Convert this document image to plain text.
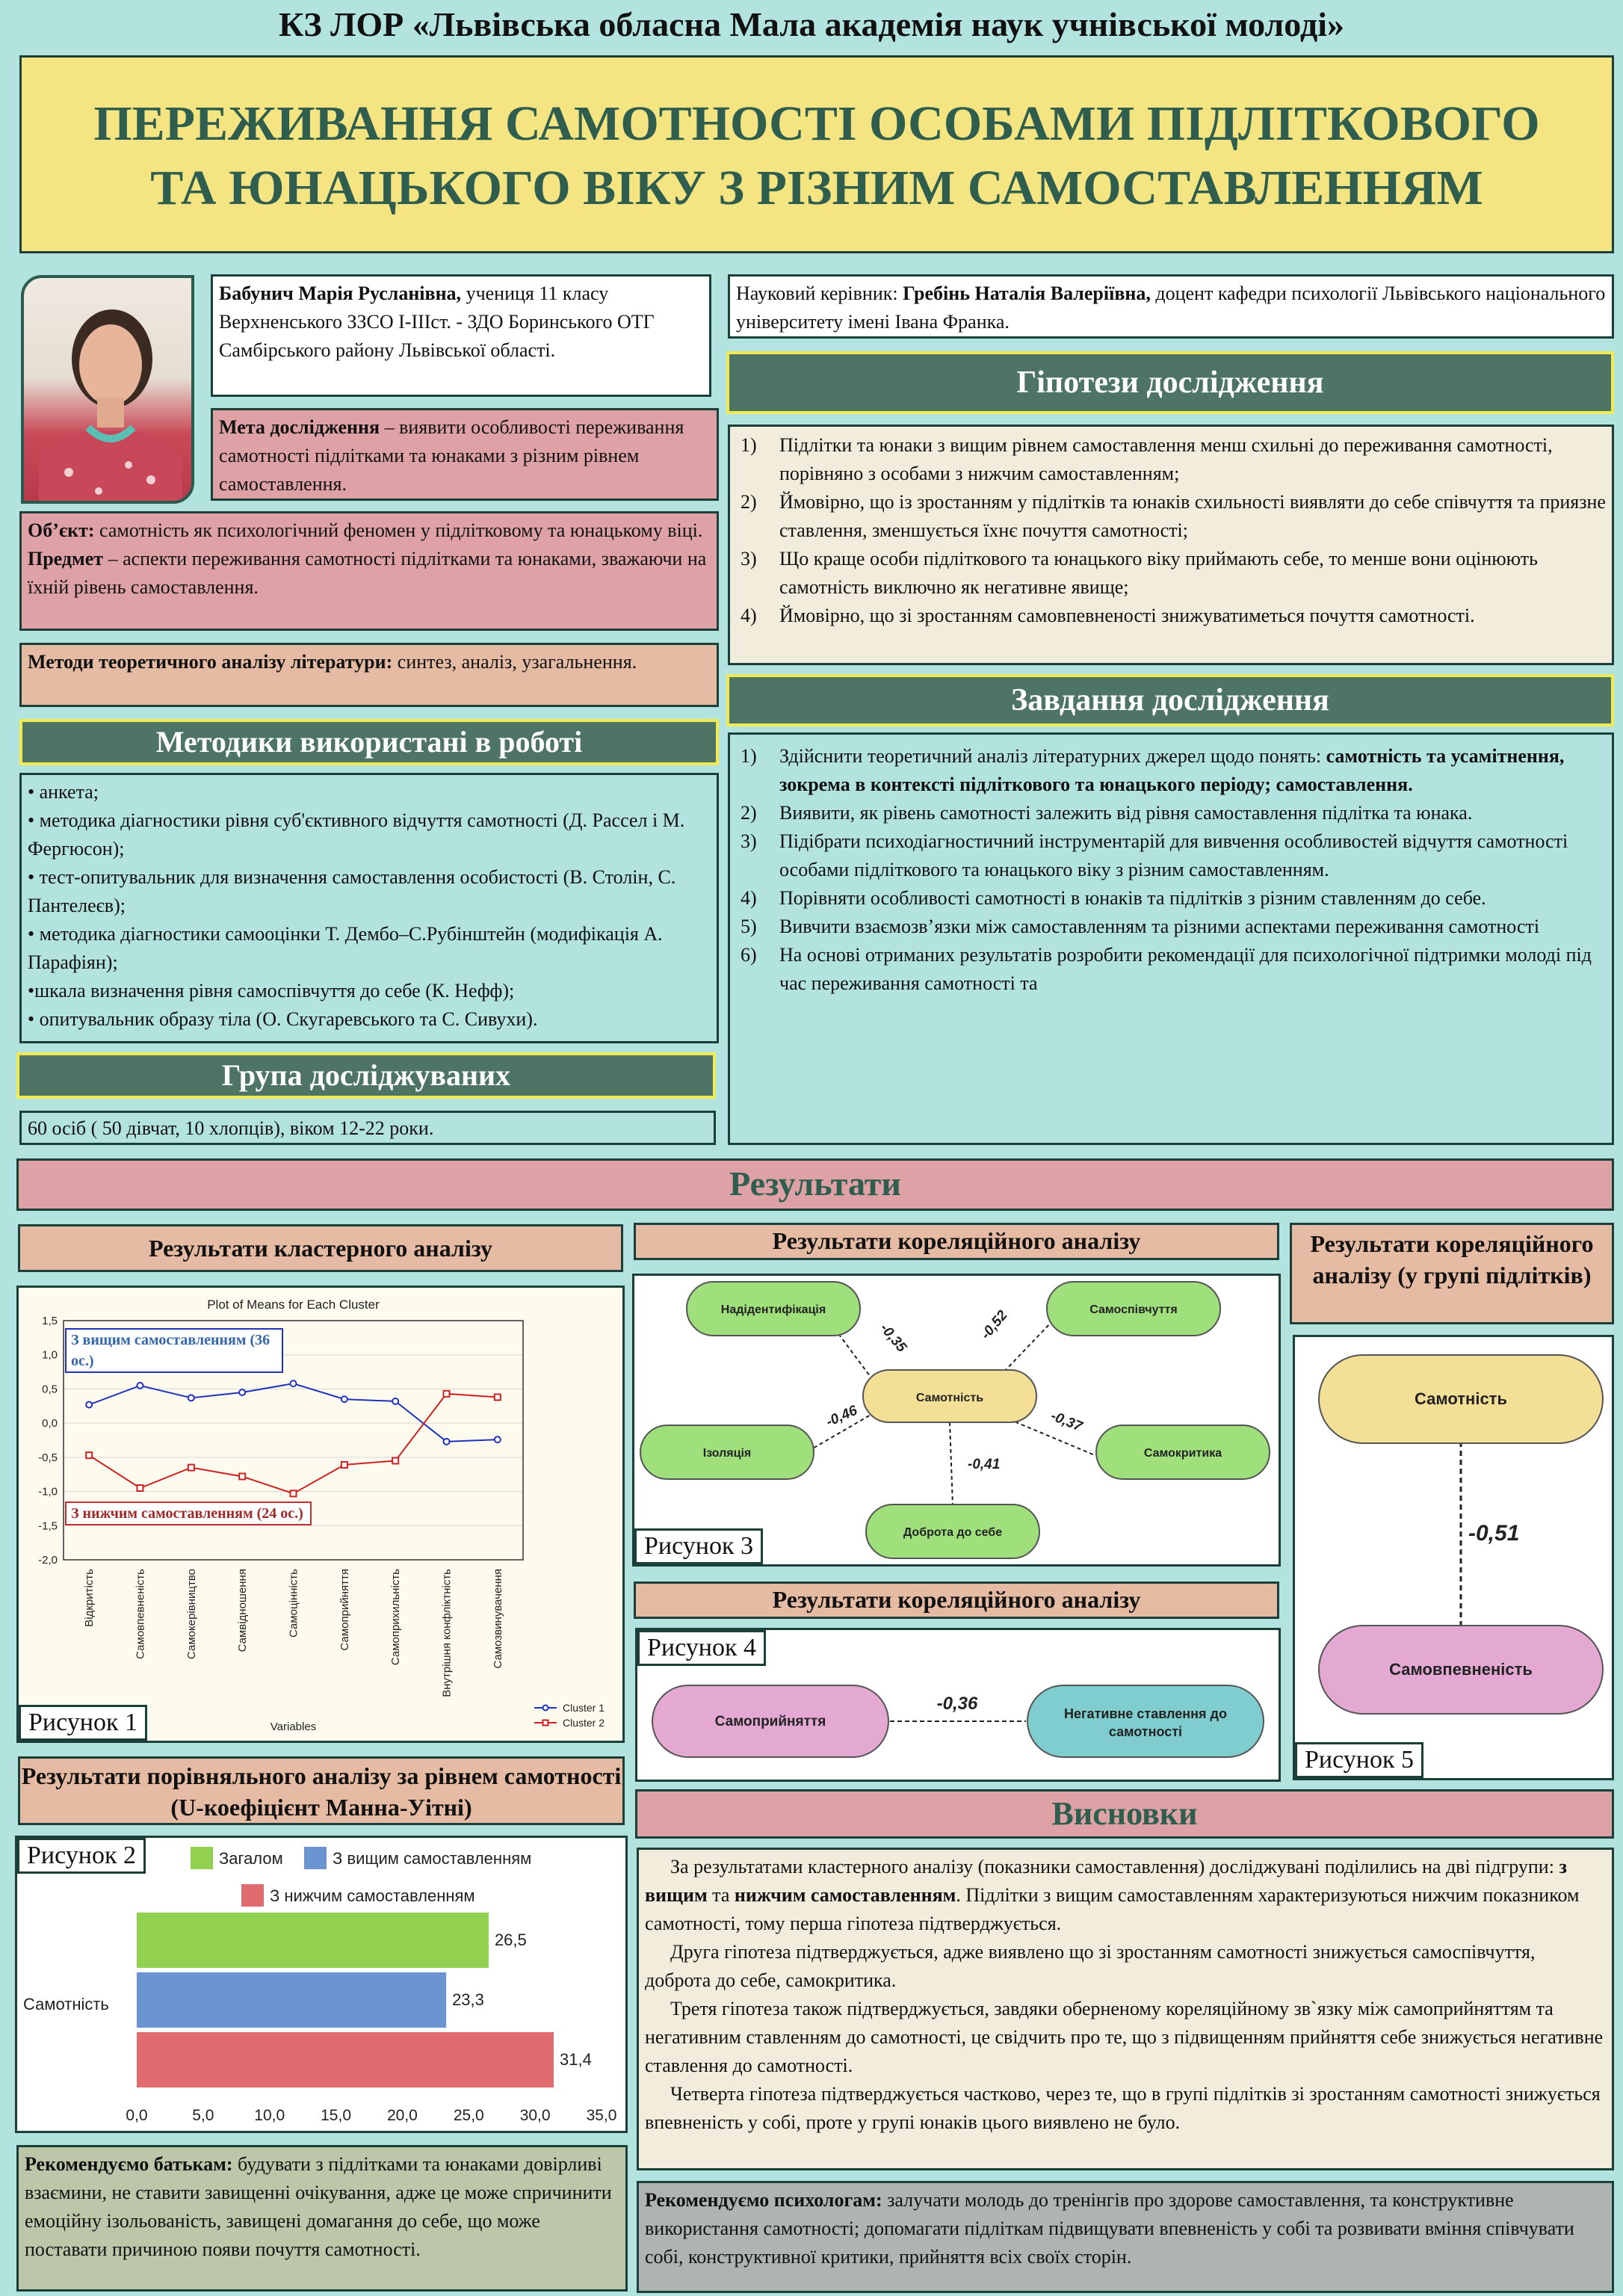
КЗ ЛОР «Львівська обласна Мала академія наук учнівської молоді»
ПЕРЕЖИВАННЯ САМОТНОСТІ ОСОБАМИ ПІДЛІТКОВОГО
ТА ЮНАЦЬКОГО ВІКУ З РІЗНИМ САМОСТАВЛЕННЯМ
Бабунич Марія Русланівна, учениця 11 класу Верхненського ЗЗСО І-ІІІст. - ЗДО Боринського ОТГ Самбірського району Львівської області.
Науковий керівник: Гребінь Наталія Валеріївна, доцент кафедри психології Львівського національного університету імені Івана Франка.
Мета дослідження – виявити особливості переживання самотності підлітками та юнаками з різним рівнем самоставлення.
Об’єкт: самотність як психологічний феномен у підлітковому та юнацькому віці.
Предмет – аспекти переживання самотності підлітками та юнаками, зважаючи на їхній рівень самоставлення.
Методи теоретичного аналізу літератури: синтез, аналіз, узагальнення.
Методики використані в роботі
• анкета;
• методика діагностики рівня суб'єктивного відчуття самотності (Д. Рассел і М. Фергюсон);
• тест-опитувальник для визначення самоставлення особистості (В. Столін, С. Пантелеєв);
• методика діагностики самооцінки Т. Дембо–С.Рубінштейн (модифікація А. Парафіян);
•шкала визначення рівня самоспівчуття до себе (К. Нефф);
• опитувальник образу тіла (О. Скугаревського та С. Сивухи).
Група досліджуваних
60 осіб ( 50 дівчат, 10 хлопців), віком 12-22 роки.
Гіпотези дослідження
1) Підлітки та юнаки з вищим рівнем самоставлення менш схильні до переживання самотності, порівняно з особами з нижчим самоставленням;
2) Ймовірно, що із зростанням у підлітків та юнаків схильності виявляти до себе співчуття та приязне ставлення, зменшується їхнє почуття самотності;
3) Що краще особи підліткового та юнацького віку приймають себе, то менше вони оцінюють самотність виключно як негативне явище;
4) Ймовірно, що зі зростанням самовпевненості знижуватиметься почуття самотності.
Завдання дослідження
1) Здійснити теоретичний аналіз літературних джерел щодо понять: самотність та усамітнення, зокрема в контексті підліткового та юнацького періоду; самоставлення.
2) Виявити, як рівень самотності залежить від рівня самоставлення підлітка та юнака.
3) Підібрати психодіагностичний інструментарій для вивчення особливостей відчуття самотності особами підліткового та юнацького віку з різним самоставленням.
4) Порівняти особливості самотності в юнаків та підлітків з різним ставленням до себе.
5) Вивчити взаємозв’язки між самоставленням та різними аспектами переживання самотності
6) На основі отриманих результатів розробити рекомендації для психологічної підтримки молоді під час переживання самотності та
Результати
Результати кластерного аналізу
Plot of Means for Each Cluster
1,5
1,0
0,5
0,0
-0,5
-1,0
-1,5
-2,0
Відкритість	Самовпевненість	Самокерівництво	Самвідношення	Самоцінність	Самоприйняття	Самоприхильність	Внутрішня конфліктність	Самозвинувачення
Variables
Cluster 1
Cluster 2
З вищим самоставленням (36 ос.)
З нижчим самоставленням (24 ос.)
Рисунок 1
Результати порівняльного аналізу за рівнем самотності (U-коефіцієнт Манна-Уітні)
Самотність
0,0	5,0	10,0 15,0 20,0 25,0 30,0 35,0
26,5
23,3
31,4
Загалом	З вищим самоставленням
З нижчим самоставленням
Рисунок 2
Рекомендуємо батькам: будувати з підлітками та юнаками довірливі взаємини, не ставити завищенні очікування, адже це може спричинити емоційну ізольованість, завищені домагання до себе, що може поставати причиною появи почуття самотності.
Результати кореляційного аналізу
Самотність
Надідентифікація	Самоспівчуття
Ізоляція	Самокритика
Доброта до себе
-0,35	-0,52
-0,46	-0,37
-0,41
Рисунок 3
Результати кореляційного аналізу
Самоприйняття	Негативне ставлення до
самотності
-0,36
Рисунок 4
Результати кореляційного аналізу (у групі підлітків)
Самотність
Самовпевненість
-0,51
Рисунок 5
Висновки
За результатами кластерного аналізу (показники самоставлення) досліджувані поділились на дві підгрупи: з вищим та нижчим самоставленням. Підлітки з вищим самоставленням характеризуються нижчим показником самотності, тому перша гіпотеза підтверджується.
Друга гіпотеза підтверджується, адже виявлено що зі зростанням самотності знижується самоспівчуття, доброта до себе, самокритика.
Третя гіпотеза також підтверджується, завдяки оберненому кореляційному зв`язку між самоприйняттям та негативним ставленням до самотності, це свідчить про те, що з підвищенням прийняття себе знижується негативне ставлення до самотності.
Четверта гіпотеза підтверджується частково, через те, що в групі підлітків зі зростанням самотності знижується впевненість у собі, проте у групі юнаків цього виявлено не було.
Рекомендуємо психологам: залучати молодь до тренінгів про здорове самоставлення, та конструктивне використання самотності; допомагати підліткам підвищувати впевненість у собі та розвивати вміння співчувати собі, конструктивної критики, прийняття всіх своїх сторін.
